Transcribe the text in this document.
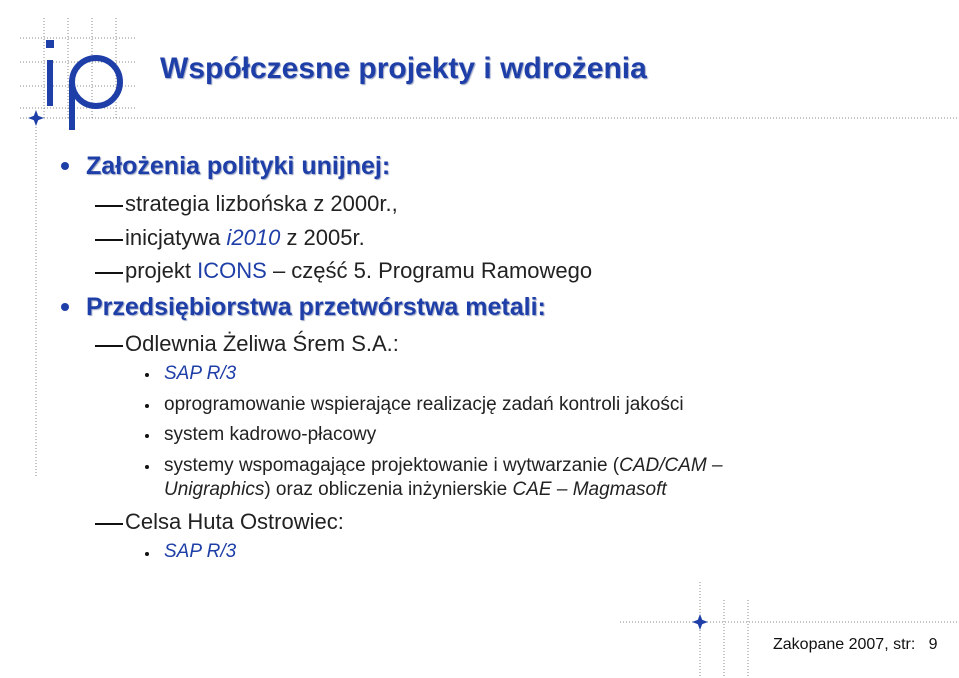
Współczesne projekty i wdrożenia
Założenia polityki unijnej:
strategia lizbońska z 2000r.,
inicjatywa i2010 z 2005r.
projekt ICONS – część 5. Programu Ramowego
Przedsiębiorstwa przetwórstwa metali:
Odlewnia Żeliwa Śrem S.A.:
SAP R/3
oprogramowanie wspierające realizację zadań kontroli jakości
system kadrowo-płacowy
systemy wspomagające projektowanie i wytwarzanie (CAD/CAM –
Unigraphics) oraz obliczenia inżynierskie CAE – Magmasoft
Celsa Huta Ostrowiec:
SAP R/3
Zakopane 2007, str: 9
